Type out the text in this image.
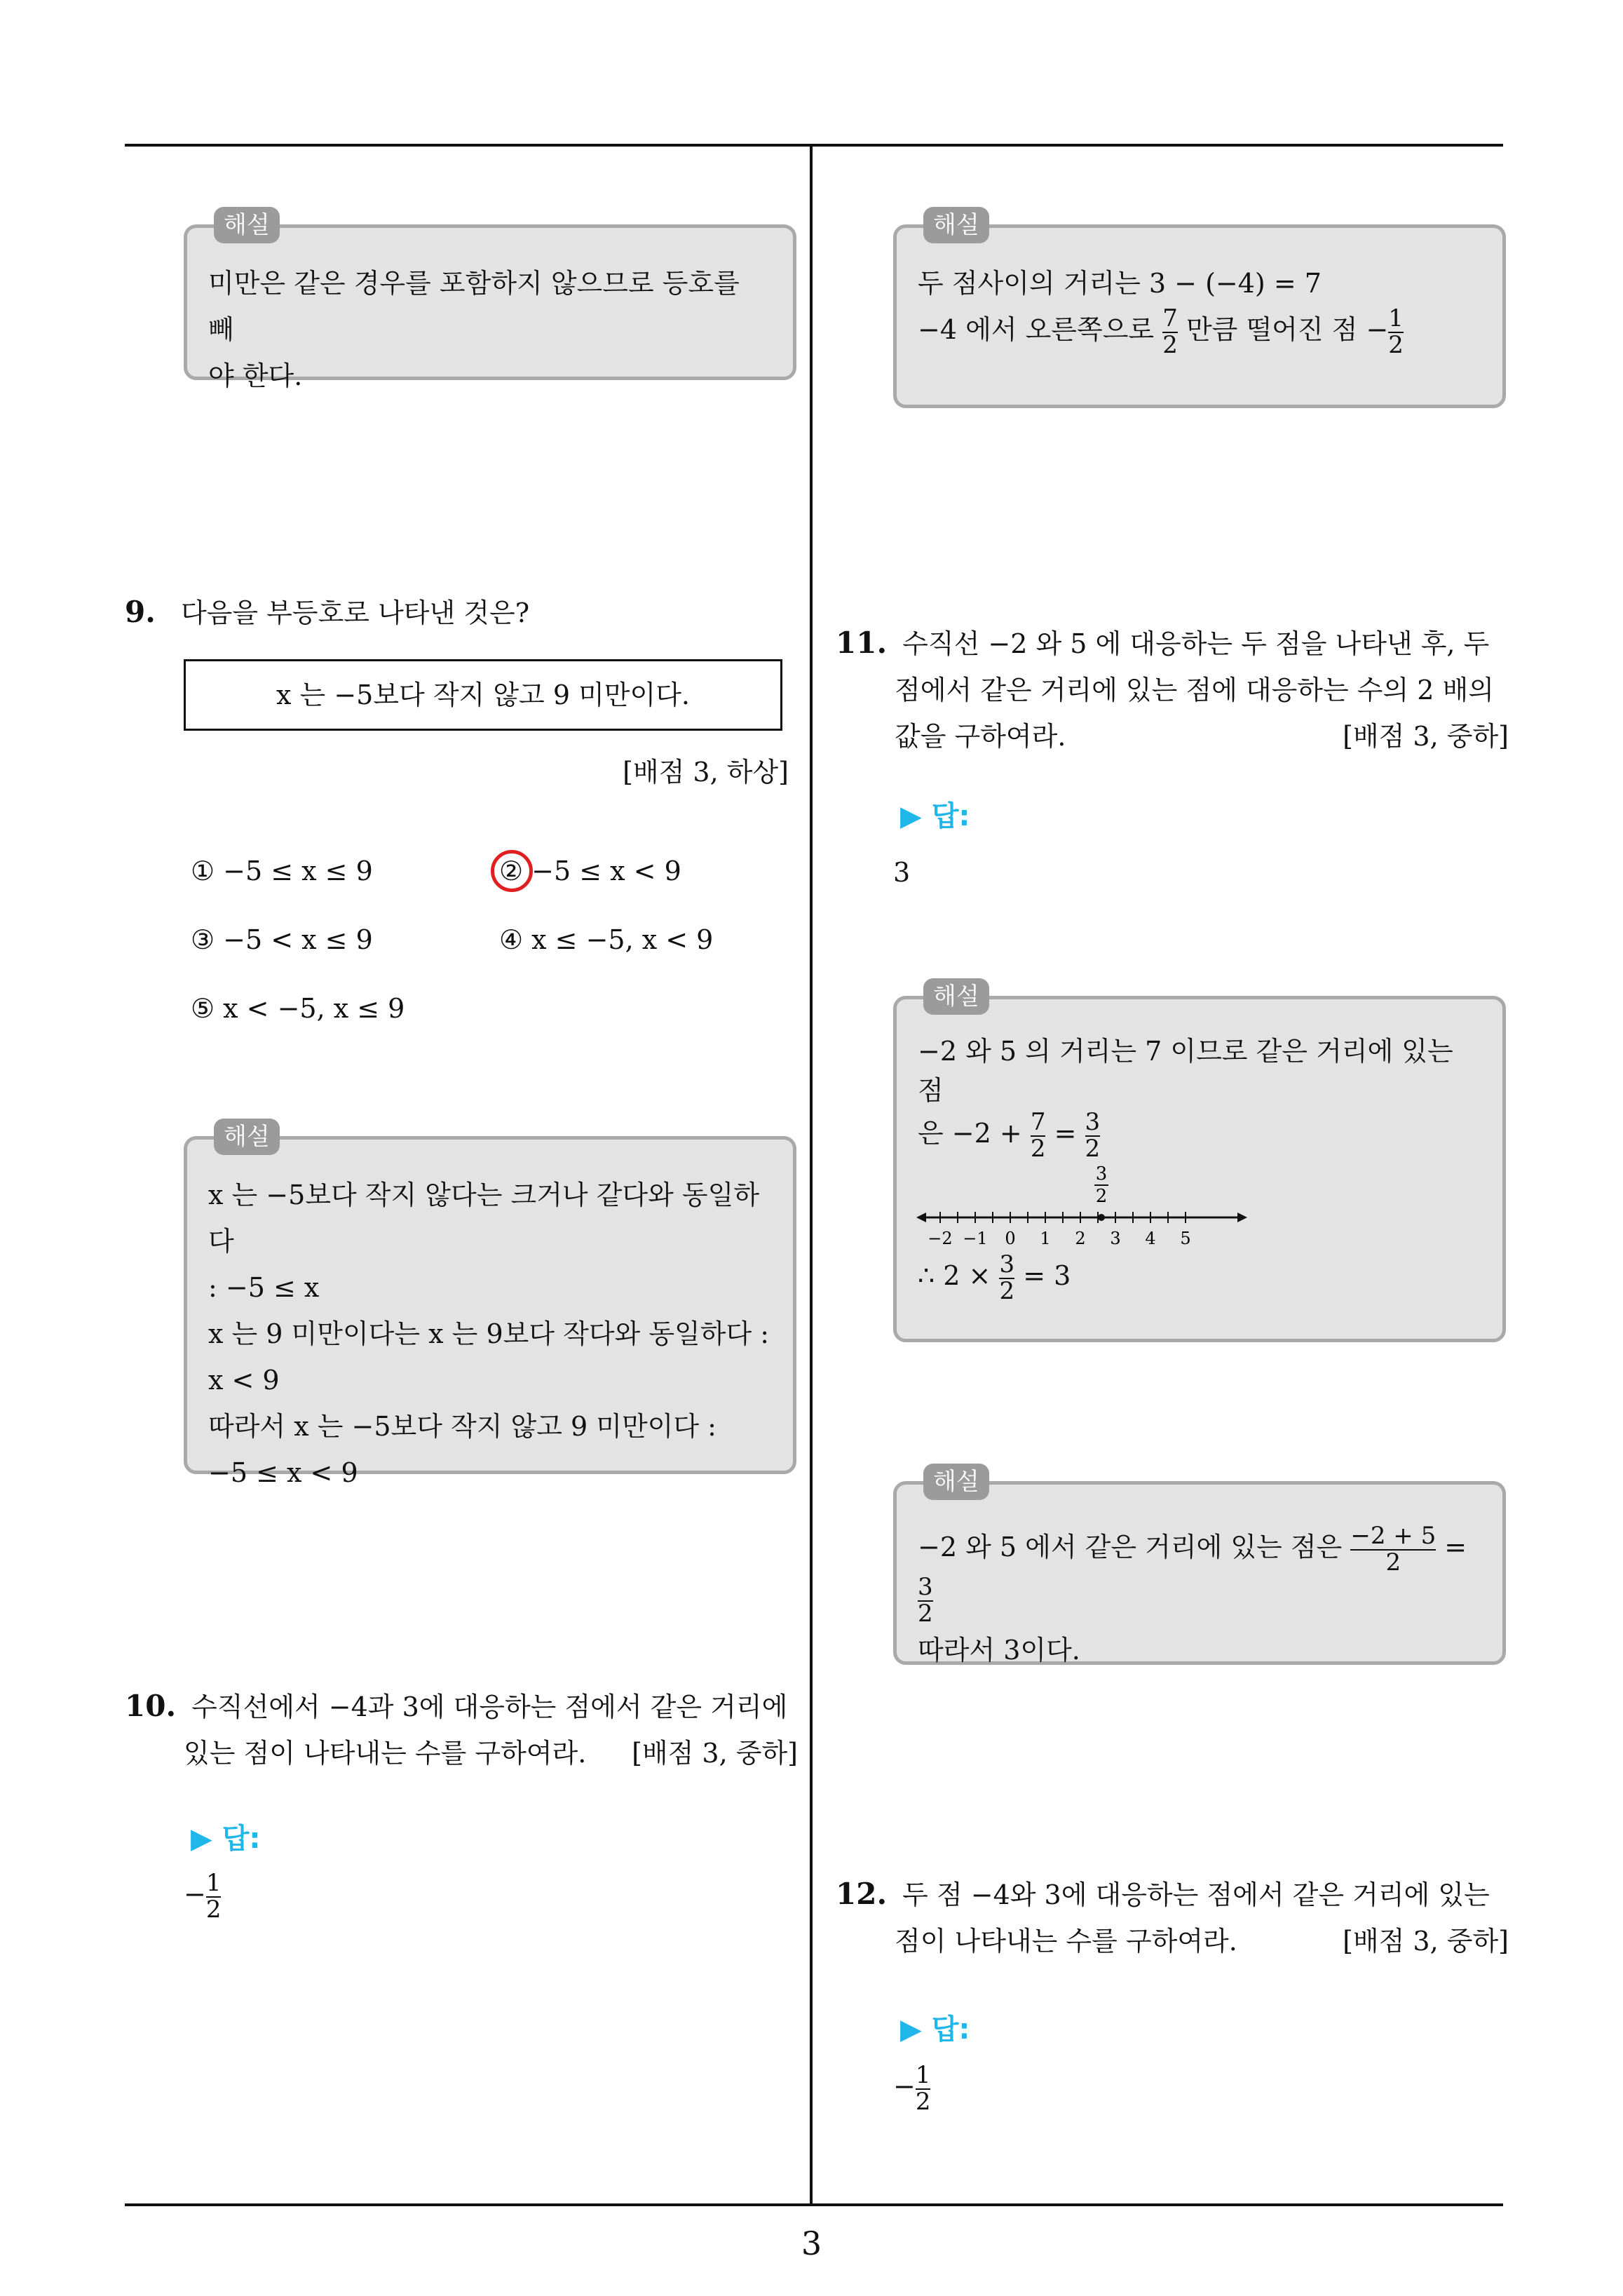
3
해설
미만은 같은 경우를 포함하지 않으므로 등호를 빼
야 한다.
9. 다음을 부등호로 나타낸 것은?
x 는 −5보다 작지 않고 9 미만이다.
[배점 3, 하상]
① −5 ≤ x ≤ 9	② −5 ≤ x < 9
③ −5 < x ≤ 9	④ x ≤ −5, x < 9
⑤ x < −5, x ≤ 9
해설
x 는 −5보다 작지 않다는 크거나 같다와 동일하다
: −5 ≤ x
x 는 9 미만이다는 x 는 9보다 작다와 동일하다 :
x < 9
따라서 x 는 −5보다 작지 않고 9 미만이다 :
−5 ≤ x < 9
10. 수직선에서 −4과 3에 대응하는 점에서 같은 거리에
있는 점이 나타내는 수를 구하여라. [배점 3, 중하]
▶ 답:
− $\frac{1}{2}$
해설
두 점사이의 거리는 3 − (−4) = 7
−4 에서 오른쪽으로 $\frac{7}{2}$ 만큼 떨어진 점 − $\frac{1}{2}$
11. 수직선 −2 와 5 에 대응하는 두 점을 나타낸 후, 두
점에서 같은 거리에 있는 점에 대응하는 수의 2 배의
값을 구하여라.	[배점 3, 중하]
▶ 답:
3
해설
−2 와 5 의 거리는 7 이므로 같은 거리에 있는 점
은 $-2 + \frac{7}{2} = \frac{3}{2}$
3
2
−2 −1 0 1 2 3 4 5
∴ $2 \times \frac{3}{2} = 3$
해설
−2 와 5 에서 같은 거리에 있는 점은 $\frac{-2 + 5}{2}$ =
$\frac{3}{2}$
따라서 3이다.
12. 두 점 −4와 3에 대응하는 점에서 같은 거리에 있는
점이 나타내는 수를 구하여라.	[배점 3, 중하]
▶ 답:
− $\frac{1}{2}$
